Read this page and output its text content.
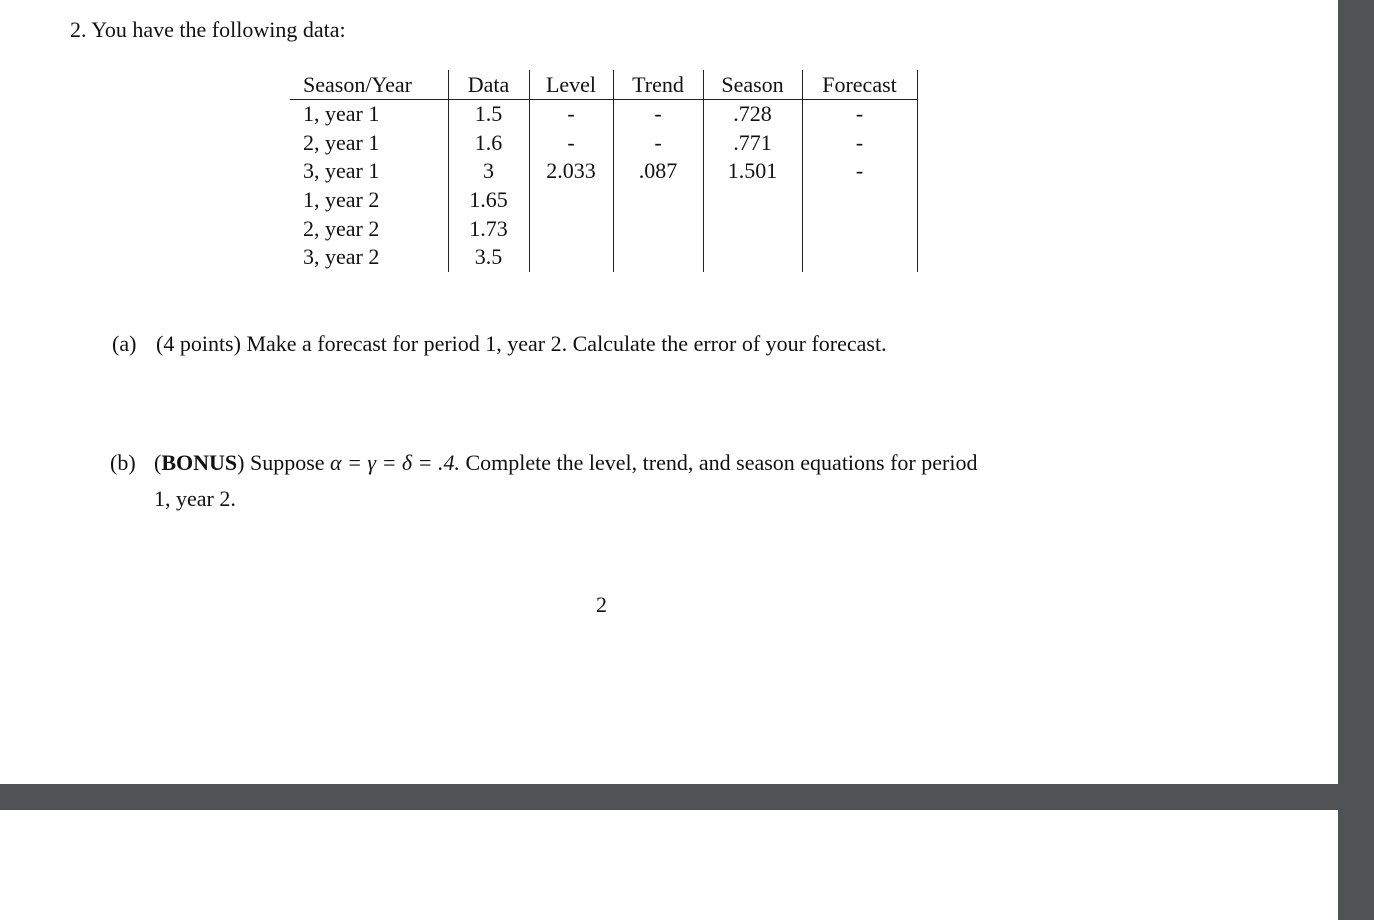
2. You have the following data:
Season/Year	Data	Level	Trend	Season	Forecast
1, year 1	1.5	-	-	.728	-
2, year 1	1.6	-	-	.771	-
3, year 1	3	2.033	.087	1.501	-
1, year 2	1.65				
2, year 2	1.73				
3, year 2	3.5				
(a) (4 points) Make a forecast for period 1, year 2. Calculate the error of your forecast.
(b) (BONUS) Suppose α = γ = δ = .4. Complete the level, trend, and season equations for period
1, year 2.
2
